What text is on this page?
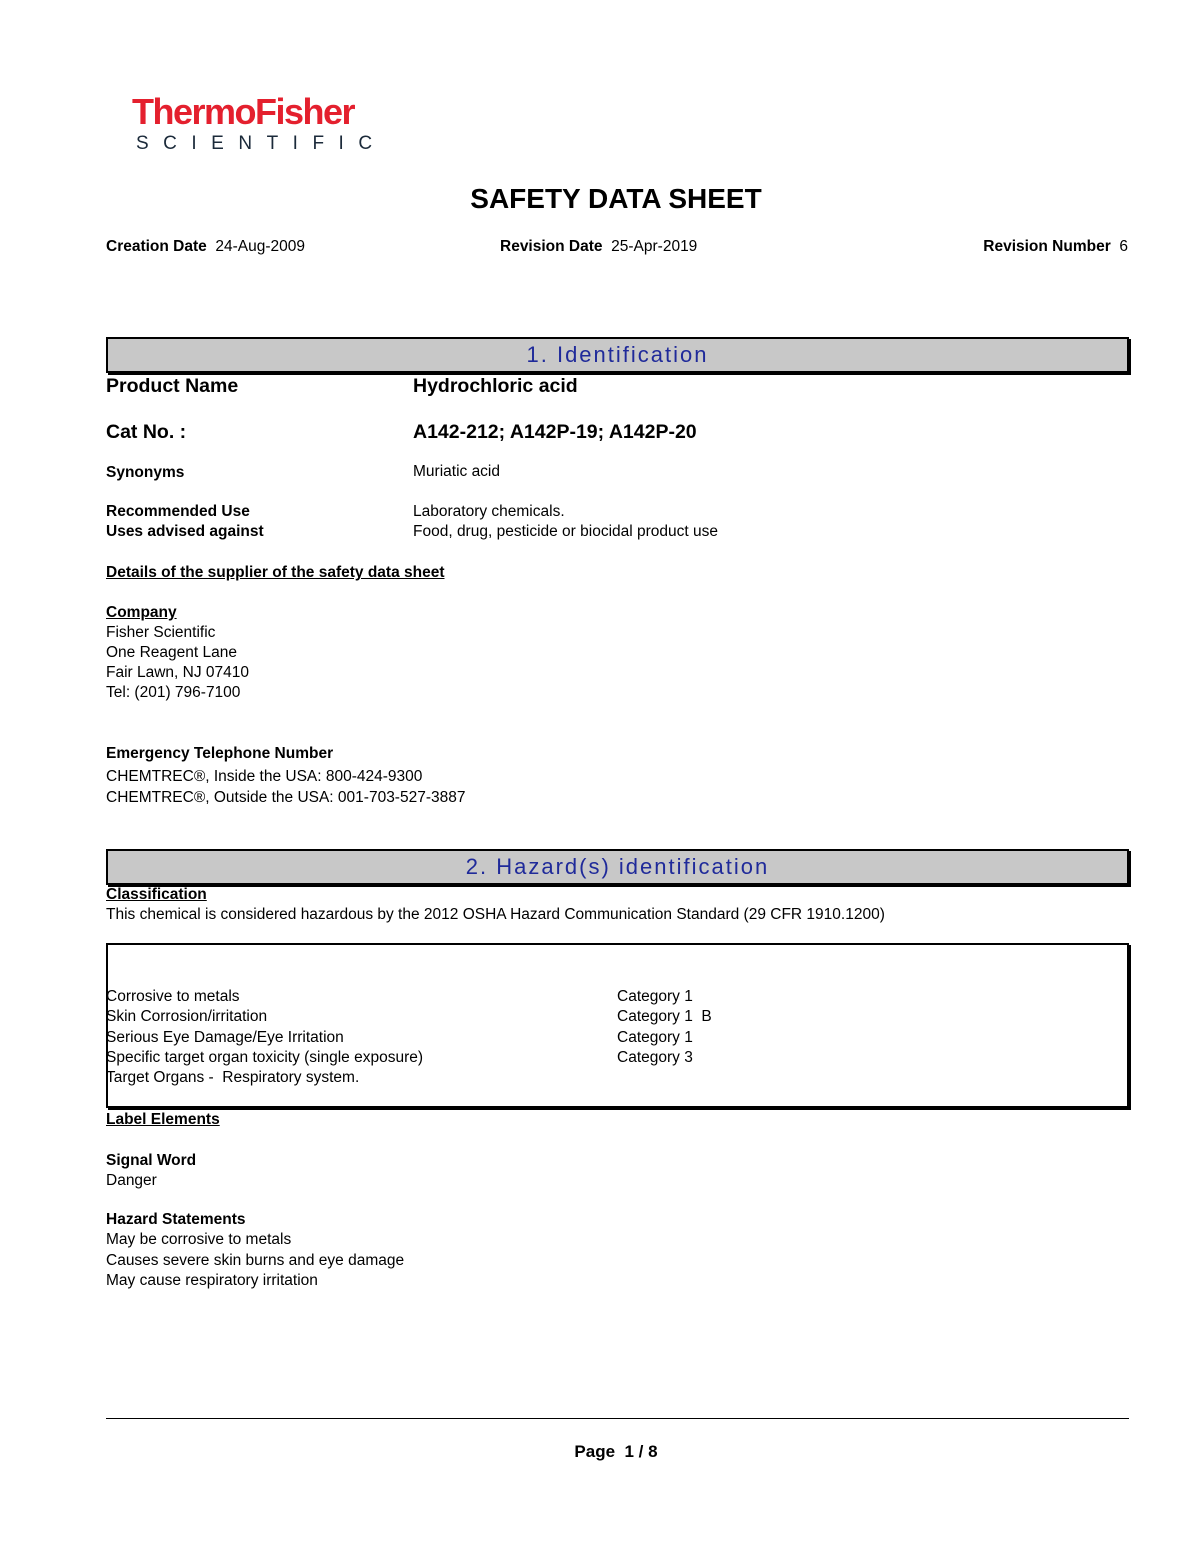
ThermoFisher
SCIENTIFIC
SAFETY DATA SHEET
Creation Date 24-Aug-2009	Revision Date 25-Apr-2019	Revision Number 6
1. Identification
Product Name	Hydrochloric acid
Cat No. :	A142-212; A142P-19; A142P-20
Synonyms	Muriatic acid
Recommended Use	Laboratory chemicals.
Uses advised against	Food, drug, pesticide or biocidal product use
Details of the supplier of the safety data sheet
Company
Fisher Scientific
One Reagent Lane
Fair Lawn, NJ 07410
Tel: (201) 796-7100
Emergency Telephone Number
CHEMTREC®, Inside the USA: 800-424-9300
CHEMTREC®, Outside the USA: 001-703-527-3887
2. Hazard(s) identification
Classification
This chemical is considered hazardous by the 2012 OSHA Hazard Communication Standard (29 CFR 1910.1200)
Corrosive to metals	Category 1
Skin Corrosion/irritation	Category 1  B
Serious Eye Damage/Eye Irritation	Category 1
Specific target organ toxicity (single exposure)	Category 3
Target Organs -  Respiratory system.
Label Elements
Signal Word
Danger
Hazard Statements
May be corrosive to metals
Causes severe skin burns and eye damage
May cause respiratory irritation
Page  1 / 8
